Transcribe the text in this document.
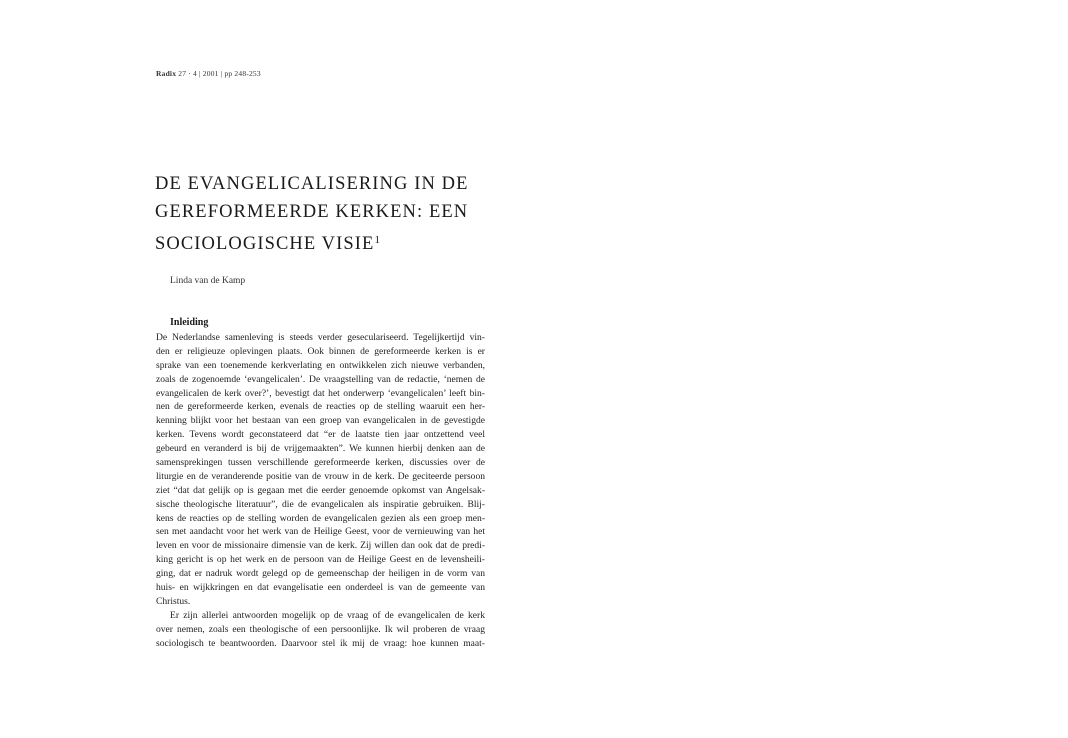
Radix 27 · 4 | 2001 | pp 248-253
DE EVANGELICALISERING IN DE
GEREFORMEERDE KERKEN: EEN
SOCIOLOGISCHE VISIE$^1$
Linda van de Kamp
Inleiding
De Nederlandse samenleving is steeds verder geseculariseerd. Tegelijkertijd vin-
den er religieuze oplevingen plaats. Ook binnen de gereformeerde kerken is er
sprake van een toenemende kerkverlating en ontwikkelen zich nieuwe verbanden,
zoals de zogenoemde ‘evangelicalen’. De vraagstelling van de redactie, ‘nemen de
evangelicalen de kerk over?’, bevestigt dat het onderwerp ‘evangelicalen’ leeft bin-
nen de gereformeerde kerken, evenals de reacties op de stelling waaruit een her-
kenning blijkt voor het bestaan van een groep van evangelicalen in de gevestigde
kerken. Tevens wordt geconstateerd dat “er de laatste tien jaar ontzettend veel
gebeurd en veranderd is bij de vrijgemaakten”. We kunnen hierbij denken aan de
samensprekingen tussen verschillende gereformeerde kerken, discussies over de
liturgie en de veranderende positie van de vrouw in de kerk. De geciteerde persoon
ziet “dat dat gelijk op is gegaan met die eerder genoemde opkomst van Angelsak-
sische theologische literatuur”, die de evangelicalen als inspiratie gebruiken. Blij-
kens de reacties op de stelling worden de evangelicalen gezien als een groep men-
sen met aandacht voor het werk van de Heilige Geest, voor de vernieuwing van het
leven en voor de missionaire dimensie van de kerk. Zij willen dan ook dat de predi-
king gericht is op het werk en de persoon van de Heilige Geest en de levensheili-
ging, dat er nadruk wordt gelegd op de gemeenschap der heiligen in de vorm van
huis- en wijkkringen en dat evangelisatie een onderdeel is van de gemeente van
Christus.
Er zijn allerlei antwoorden mogelijk op de vraag of de evangelicalen de kerk
over nemen, zoals een theologische of een persoonlijke. Ik wil proberen de vraag
sociologisch te beantwoorden. Daarvoor stel ik mij de vraag: hoe kunnen maat-
